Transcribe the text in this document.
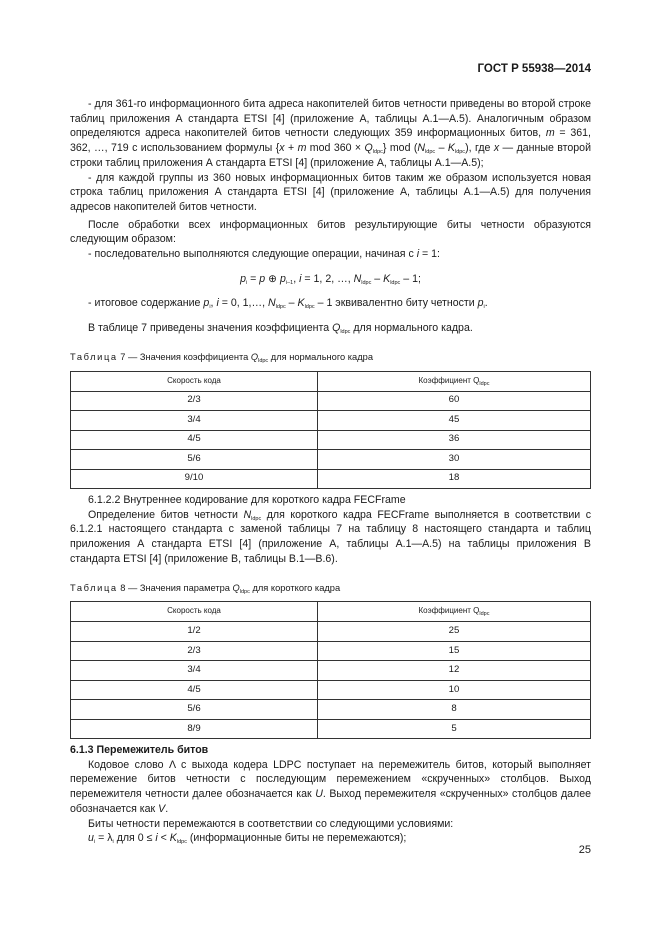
ГОСТ Р 55938—2014

- для 361-го информационного бита адреса накопителей битов четности приведены во второй строке таблиц приложения А стандарта ETSI [4] (приложение А, таблицы А.1—А.5). Аналогичным образом определяются адреса накопителей битов четности следующих 359 информационных битов, m = 361, 362, …, 719 с использованием формулы {x + m mod $360 \times Q_{ldpc}$} mod $(N_{ldpc} - K_{ldpc})$, где x — данные второй строки таблиц приложения А стандарта ETSI [4] (приложение А, таблицы А.1—А.5);

- для каждой группы из 360 новых информационных битов таким же образом используется новая строка таблиц приложения А стандарта ETSI [4] (приложение А, таблицы А.1—А.5) для получения адресов накопителей битов четности.

После обработки всех информационных битов результирующие биты четности образуются следующим образом:

- последовательно выполняются следующие операции, начиная с i = 1:

$p_i = p$ ⊕ $p_{i-1}$, i = 1, 2, …, $N_{ldpc} - K_{ldpc} - 1$;

- итоговое содержание $p_i$, i = 0, 1,…, $N_{ldpc} - K_{ldpc} - 1$ эквивалентно биту четности $p_i$.

В таблице 7 приведены значения коэффициента $Q_{ldpc}$ для нормального кадра.

Таблица 7 — Значения коэффициента $Q_{ldpc}$ для нормального кадра

Скорость кода	Коэффициент $Q_{ldpc}$
2/3	60
3/4	45
4/5	36
5/6	30
9/10	18

6.1.2.2 Внутреннее кодирование для короткого кадра FECFrame

Определение битов четности $N_{ldpc}$ для короткого кадра FECFrame выполняется в соответствии с 6.1.2.1 настоящего стандарта с заменой таблицы 7 на таблицу 8 настоящего стандарта и таблиц приложения А стандарта ETSI [4] (приложение А, таблицы А.1—А.5) на таблицы приложения В стандарта ETSI [4] (приложение В, таблицы В.1—В.6).

Таблица 8 — Значения параметра $Q_{ldpc}$ для короткого кадра

Скорость кода	Коэффициент $Q_{ldpc}$
1/2	25
2/3	15
3/4	12
4/5	10
5/6	8
8/9	5

6.1.3 Перемежитель битов

Кодовое слово Λ с выхода кодера LDPC поступает на перемежитель битов, который выполняет перемежение битов четности с последующим перемежением «скрученных» столбцов. Выход перемежителя четности далее обозначается как U. Выход перемежителя «скрученных» столбцов далее обозначается как V.

Биты четности перемежаются в соответствии со следующими условиями:

$u_i = \lambda_i$ для $0 \le i < K_{ldpc}$ (информационные биты не перемежаются);

25
